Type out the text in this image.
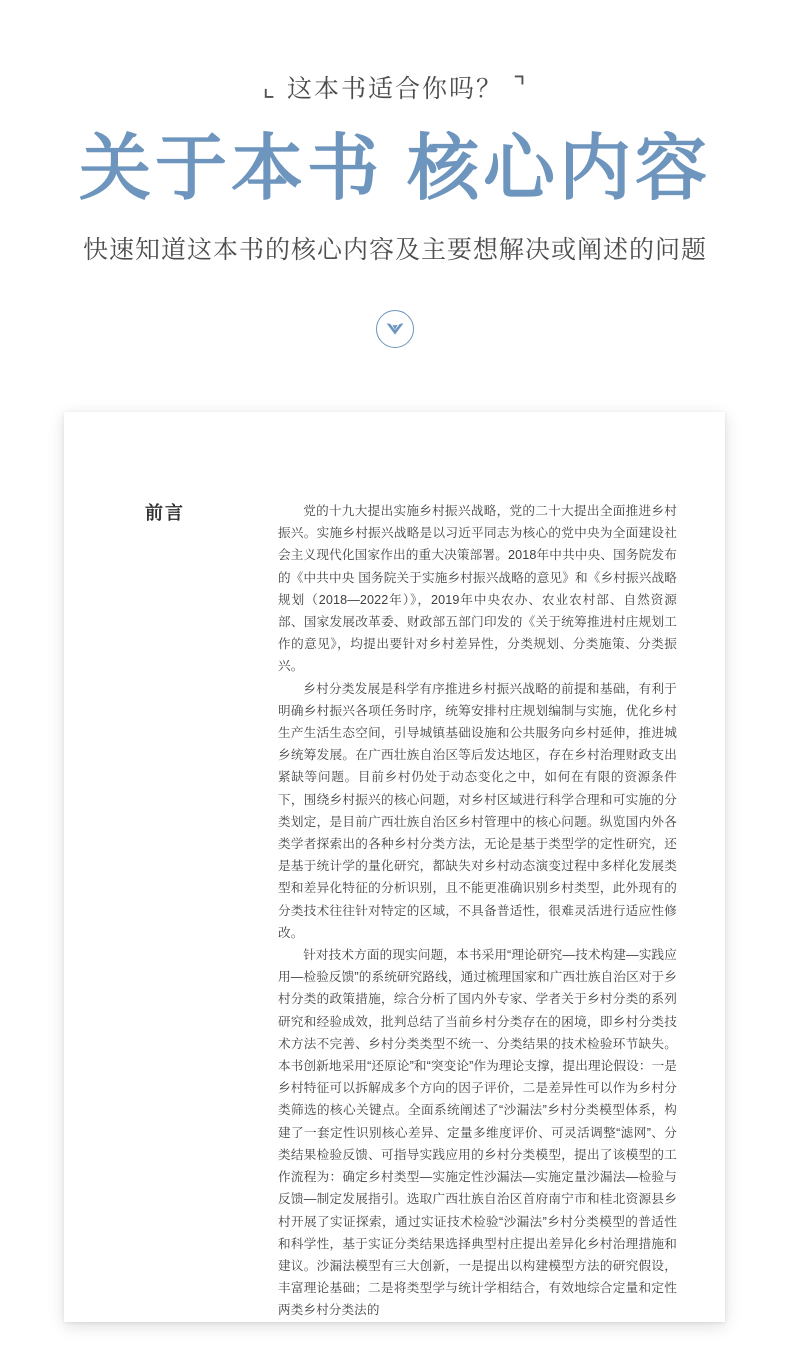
⌞ 这本书适合你吗？ ⌝
关于本书 核心内容
快速知道这本书的核心内容及主要想解决或阐述的问题
前言	党的十九大提出实施乡村振兴战略，党的二十大提出全面推进乡村振兴。实施乡村振兴战略是以习近平同志为核心的党中央为全面建设社会主义现代化国家作出的重大决策部署。2018年中共中央、国务院发布的《中共中央 国务院关于实施乡村振兴战略的意见》和《乡村振兴战略规划（2018—2022年）》，2019年中央农办、农业农村部、自然资源部、国家发展改革委、财政部五部门印发的《关于统筹推进村庄规划工作的意见》，均提出要针对乡村差异性，分类规划、分类施策、分类振兴。

乡村分类发展是科学有序推进乡村振兴战略的前提和基础，有利于明确乡村振兴各项任务时序，统筹安排村庄规划编制与实施，优化乡村生产生活生态空间，引导城镇基础设施和公共服务向乡村延伸，推进城乡统筹发展。在广西壮族自治区等后发达地区，存在乡村治理财政支出紧缺等问题。目前乡村仍处于动态变化之中，如何在有限的资源条件下，围绕乡村振兴的核心问题，对乡村区域进行科学合理和可实施的分类划定，是目前广西壮族自治区乡村管理中的核心问题。纵览国内外各类学者探索出的各种乡村分类方法，无论是基于类型学的定性研究，还是基于统计学的量化研究，都缺失对乡村动态演变过程中多样化发展类型和差异化特征的分析识别，且不能更准确识别乡村类型，此外现有的分类技术往往针对特定的区域，不具备普适性，很难灵活进行适应性修改。

针对技术方面的现实问题，本书采用“理论研究—技术构建—实践应用—检验反馈”的系统研究路线，通过梳理国家和广西壮族自治区对于乡村分类的政策措施，综合分析了国内外专家、学者关于乡村分类的系列研究和经验成效，批判总结了当前乡村分类存在的困境，即乡村分类技术方法不完善、乡村分类类型不统一、分类结果的技术检验环节缺失。本书创新地采用“还原论”和“突变论”作为理论支撑，提出理论假设：一是乡村特征可以拆解成多个方向的因子评价，二是差异性可以作为乡村分类筛选的核心关键点。全面系统阐述了“沙漏法”乡村分类模型体系，构建了一套定性识别核心差异、定量多维度评价、可灵活调整“滤网”、分类结果检验反馈、可指导实践应用的乡村分类模型，提出了该模型的工作流程为：确定乡村类型—实施定性沙漏法—实施定量沙漏法—检验与反馈—制定发展指引。选取广西壮族自治区首府南宁市和桂北资源县乡村开展了实证探索，通过实证技术检验“沙漏法”乡村分类模型的普适性和科学性，基于实证分类结果选择典型村庄提出差异化乡村治理措施和建议。沙漏法模型有三大创新，一是提出以构建模型方法的研究假设，丰富理论基础；二是将类型学与统计学相结合，有效地综合定量和定性两类乡村分类法的
